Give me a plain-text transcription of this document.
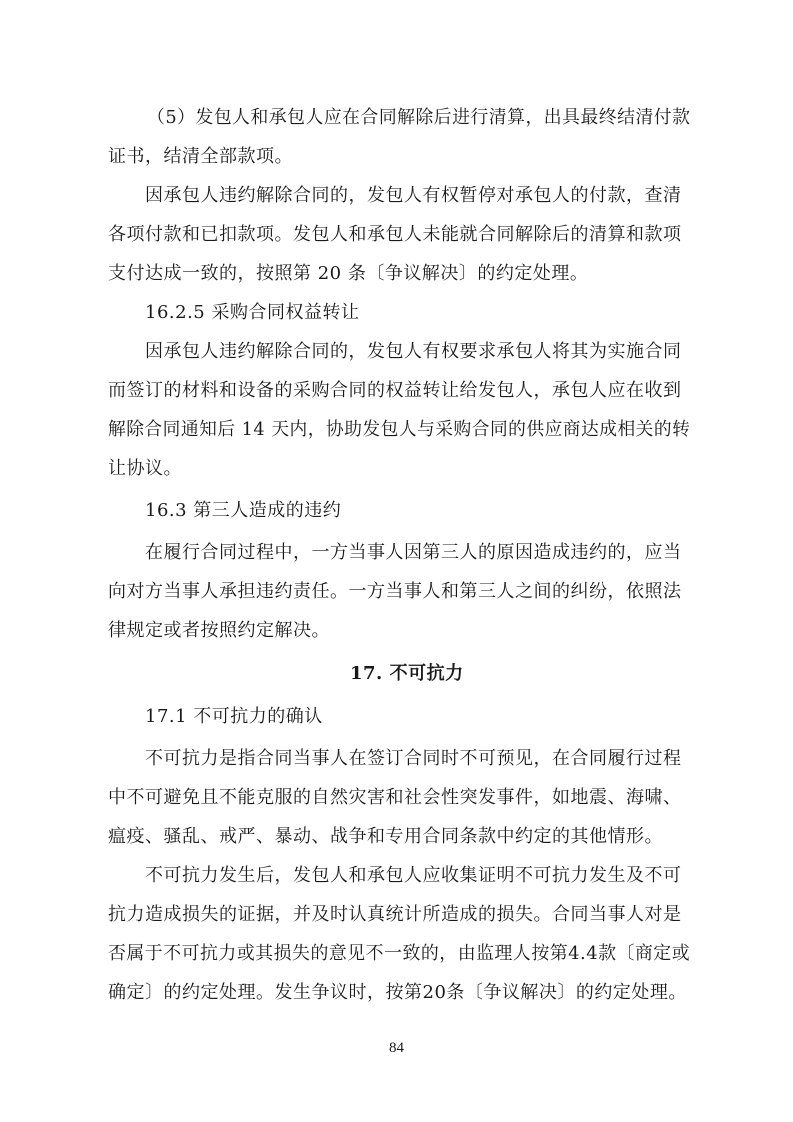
（5）发包人和承包人应在合同解除后进行清算，出具最终结清付款
证书，结清全部款项。
因承包人违约解除合同的，发包人有权暂停对承包人的付款，查清
各项付款和已扣款项。发包人和承包人未能就合同解除后的清算和款项
支付达成一致的，按照第 20 条〔争议解决〕的约定处理。
16.2.5 采购合同权益转让
因承包人违约解除合同的，发包人有权要求承包人将其为实施合同
而签订的材料和设备的采购合同的权益转让给发包人，承包人应在收到
解除合同通知后 14 天内，协助发包人与采购合同的供应商达成相关的转
让协议。
16.3 第三人造成的违约
在履行合同过程中，一方当事人因第三人的原因造成违约的，应当
向对方当事人承担违约责任。一方当事人和第三人之间的纠纷，依照法
律规定或者按照约定解决。
17. 不可抗力
17.1 不可抗力的确认
不可抗力是指合同当事人在签订合同时不可预见，在合同履行过程
中不可避免且不能克服的自然灾害和社会性突发事件，如地震、海啸、
瘟疫、骚乱、戒严、暴动、战争和专用合同条款中约定的其他情形。
不可抗力发生后，发包人和承包人应收集证明不可抗力发生及不可
抗力造成损失的证据，并及时认真统计所造成的损失。合同当事人对是
否属于不可抗力或其损失的意见不一致的，由监理人按第4.4款〔商定或
确定〕的约定处理。发生争议时，按第20条〔争议解决〕的约定处理。
84
